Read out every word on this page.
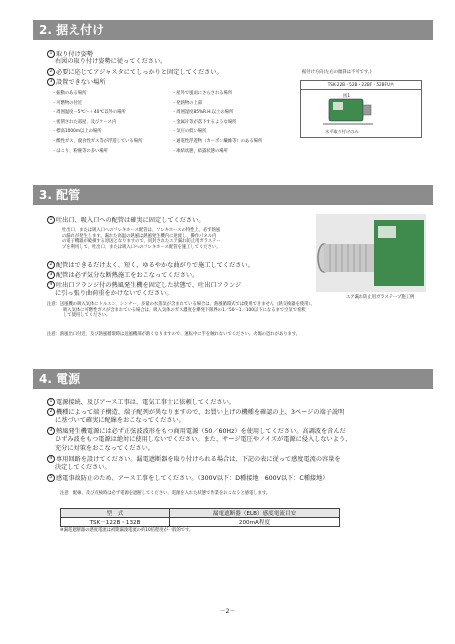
2. 据え付け
1 取り付け姿勢
右図の取り付け姿勢に従ってください。
2 必要に応じてアジャスタにてしっかりと固定してください。
3 設置できない場所
・振動のある場所
・可燃物の付近
・周囲温度－5℃～＋40℃以外の場所
・密閉された部屋、及びケース内
・標高1000m以上の場所
・酸性ガス、腐食性ガス等が浮遊している場所
・ほこり、粉塵等の多い場所
・屋外で風雨にさらされる場所
・発熱物の上部
・周囲湿度85%R.H.以上の場所
・金属片等が落下するような場所
・気圧の低い場所
・通電性浮遊物（カーボン繊維等）のある場所
・凍結状態、結露状態の場所
据付け方向(左右の傾斜は不可です。)
TSK-22B・52B・22BF・52BFU共
図1
水平取り付けのみ
3. 配管
1 吐出口、吸入口への配管は確実に固定してください。
吐出口、または吸入口へのフレキホース配管は、フレキホースの特性上、必ず熱風
の漏れが発生します。漏れた高温の熱風は熱風発生機内に逆流し、操作パネル内
の電子機器が破損する原因となりますので、同封されたエア漏れ防止用ガラステー
プを利用して、吐出口、または吸入口へのフレキホース配管を施工してください。
2 配管はできるだけ太く、短く、ゆるやかな曲がりで施工してください。
3 配管は必ず気分な断熱施工をおこなってください。
4 吐出口フランジ付の熱風発生機を固定した状態で、吐出口フランジ
に引っ張り曲荷重をかけないでください。
エア漏れ防止用ガラステープ施工例
注意：送風機の吸入気体にトルエン、シンナー、多量の水蒸気が含まれている場合は、熱風循環式では使用できません（熱交換器を使用）。
吸入気体に可燃性ガスが含まれている場合は、吸入気体のガス濃度を爆発下限界の1／50～1／100以下になるまで空気で希釈
して使用してください。
注意：熱風出口付近、及び熱風循環時は送風機部が熱くなりますので、運転中に手を触れないでください。火傷の恐れがあります。
4. 電源
1 電源接続、及びアース工事は、電気工事士に依頼してください。
2 機種によって端子構造、端子配列が異なりますので、お買い上げの機種を確認の上、3ページの端子説明
に基づいて確実に配線をおこなってください。
3 熱風発生機電源には必ず正弦波波形をもつ商用電源（50／60Hz）を使用してください。高調波を含んだ
ひずみ波をもつ電源は絶対に使用しないでください。また、サージ電圧やノイズが電源に侵入しないよう、
充分に対策をおこなってください。
4 専用回路を設けてください。漏電遮断器を取り付けられる場合は、下記の表に従って感度電流の容量を
決定してください。
5 感電事故防止のため、アース工事をしてください。（300V以下：D種接地　600V以下：C種接地）
注意　配線、及び点検時は必ず電源を遮断してください。電源を入れた状態で作業をおこなうと感電します。
型　式	漏電遮断器（ELB）感度電流目安
TSK－122B・132B	200mA程度
※漏電遮断器の感度電流は初期漏洩電流の約10倍程度が一般的です。
－2－
